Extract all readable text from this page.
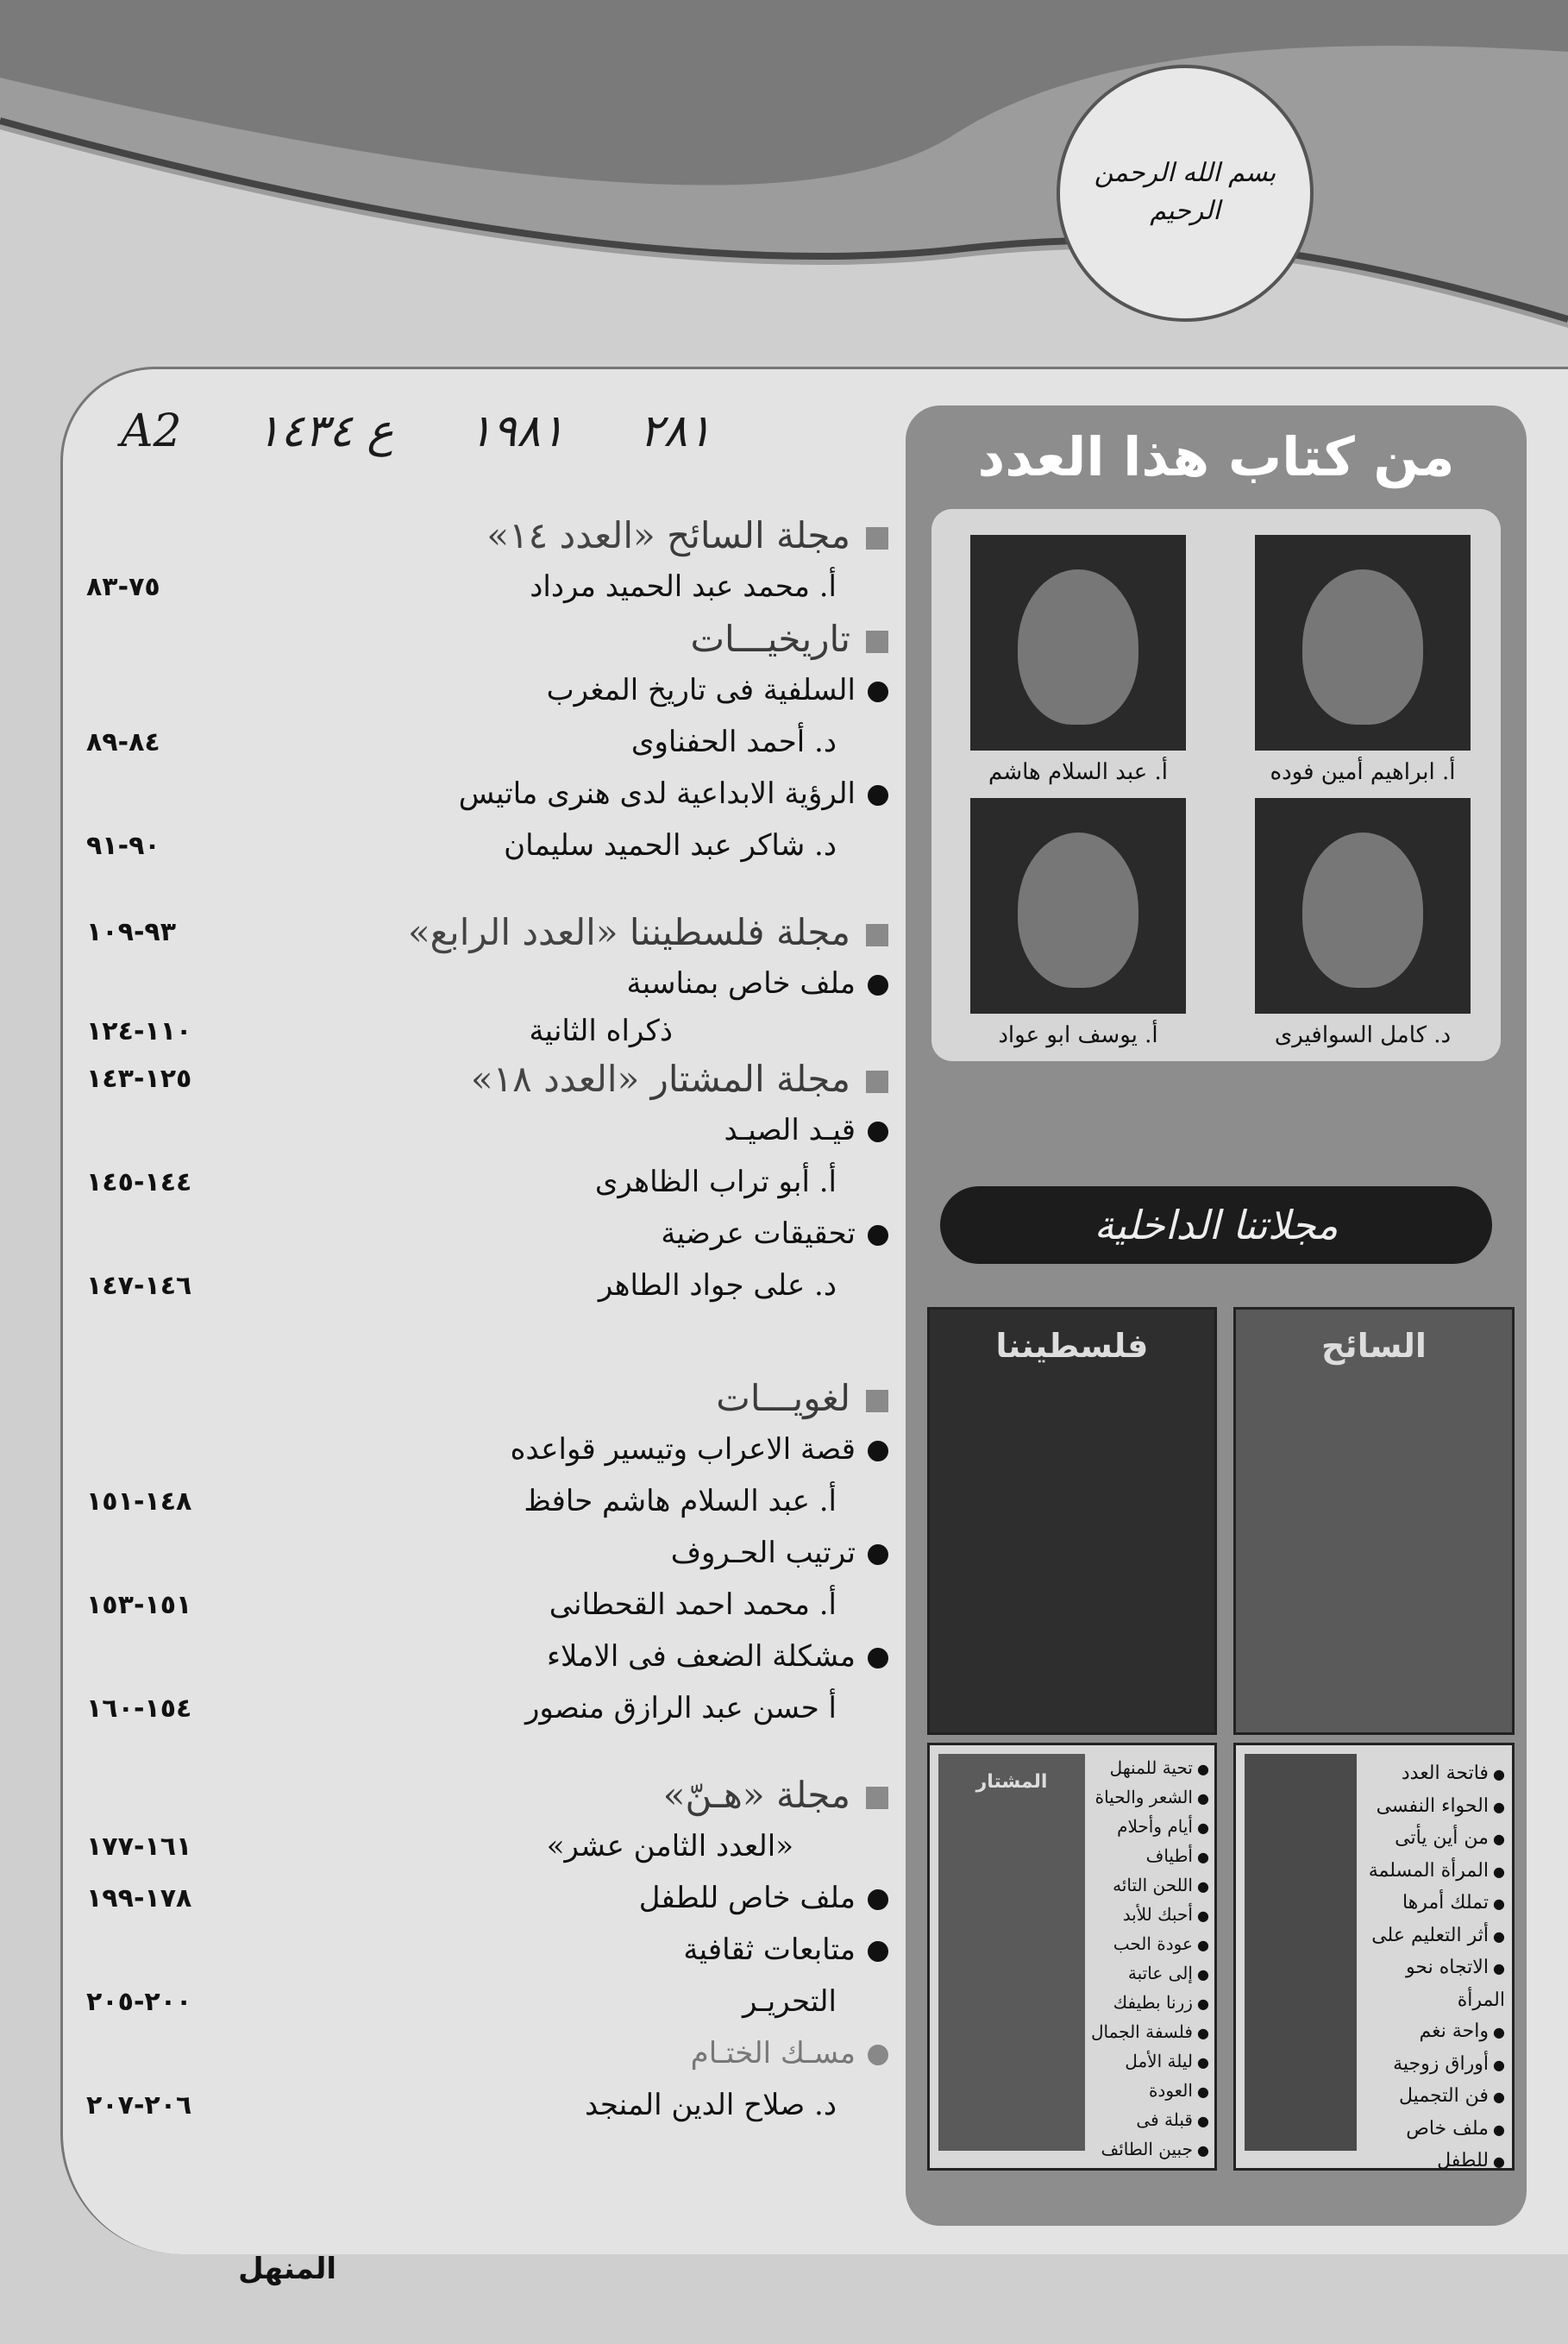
بسم الله الرحمن الرحيم
A2 ع ١٤٣٤ ١٩٨١ ٢٨١
مجلة السائح «العدد ١٤»
أ. محمد عبد الحميد مرداد
٧٥-٨٣
تاريخيـــات
السلفية فى تاريخ المغرب
د. أحمد الحفناوى
٨٤-٨٩
الرؤية الابداعية لدى هنرى ماتيس
د. شاكر عبد الحميد سليمان
٩٠-٩١
مجلة فلسطيننا «العدد الرابع»
٩٣-١٠٩
ملف خاص بمناسبة
ذكراه الثانية
١١٠-١٢٤
مجلة المشتار «العدد ١٨»
١٢٥-١٤٣
قيـد الصيـد
أ. أبو تراب الظاهرى
١٤٤-١٤٥
تحقيقات عرضية
د. على جواد الطاهر
١٤٦-١٤٧
لغويـــات
قصة الاعراب وتيسير قواعده
أ. عبد السلام هاشم حافظ
١٤٨-١٥١
ترتيب الحـروف
أ. محمد احمد القحطانى
١٥١-١٥٣
مشكلة الضعف فى الاملاء
أ حسن عبد الرازق منصور
١٥٤-١٦٠
مجلة «هـنّ»
«العدد الثامن عشر»
١٦١-١٧٧
ملف خاص للطفل
١٧٨-١٩٩
متابعات ثقافية
التحريـر
٢٠٠-٢٠٥
مسـك الختـام
د. صلاح الدين المنجد
٢٠٦-٢٠٧
من كتاب هذا العدد
أ. ابراهيم أمين فوده
أ. عبد السلام هاشم
د. كامل السوافيرى
أ. يوسف ابو عواد
مجلاتنا الداخلية
السائح
فلسطيننا
● فاتحة العدد
● الحواء النفسى
● من أين يأتى
● المرأة المسلمة
● تملك أمرها
● أثر التعليم على
● الاتجاه نحو المرأة
● واحة نغم
● أوراق زوجية
● فن التجميل
● ملف خاص
● للطفل
المشتار
● تحية للمنهل
● الشعر والحياة
● أيام وأحلام
● أطياف
● اللحن التائه
● أحبك للأبد
● عودة الحب
● إلى عاتبة
● زرنا بطيفك
● فلسفة الجمال
● ليلة الأمل
● العودة
● قبلة فى
● جبين الطائف
المنهل
